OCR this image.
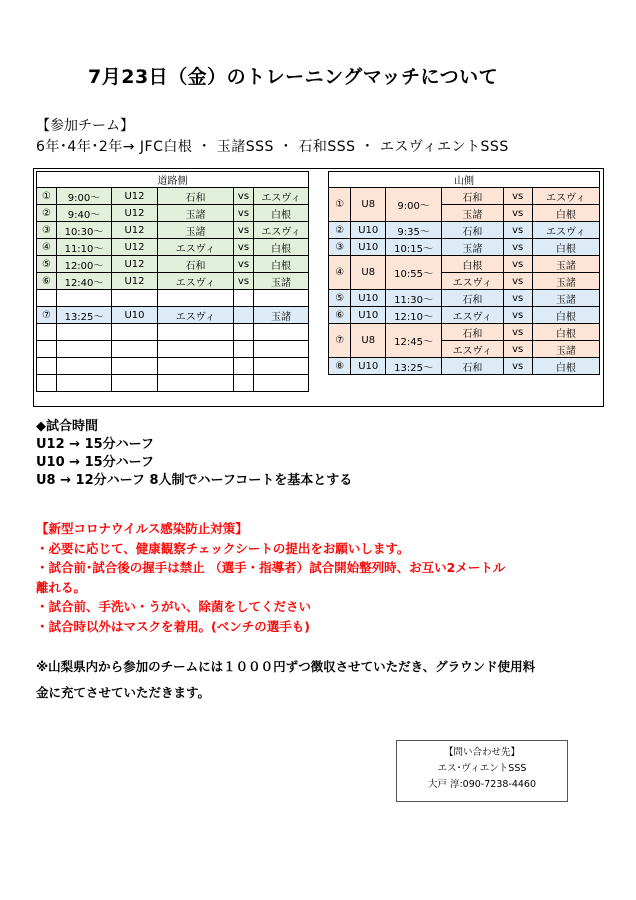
7月23日（金）のトレーニングマッチについて
【参加チーム】
6年･4年･2年→ JFC白根 ・ 玉諸SSS ・ 石和SSS ・ エスヴィエントSSS
道路側					
①	9:00～	U12	石和	vs	エスヴィ
②	9:40～	U12	玉諸	vs	白根
③	10:30～	U12	玉諸	vs	エスヴィ
④	11:10～	U12	エスヴィ	vs	白根
⑤	12:00～	U12	石和	vs	白根
⑥	12:40～	U12	エスヴィ	vs	玉諸

⑦	13:25～	U10	エスヴィ		玉諸

山側					
①	U8	9:00～	石和	vs	エスヴィ
			玉諸	vs	白根
②	U10	9:35～	石和	vs	エスヴィ
③	U10	10:15～	玉諸	vs	白根
④	U8	10:55～	白根	vs	玉諸
			エスヴィ	vs	玉諸
⑤	U10	11:30～	石和	vs	玉諸
⑥	U10	12:10～	エスヴィ	vs	白根
⑦	U8	12:45～	石和	vs	白根
			エスヴィ	vs	玉諸
⑧	U10	13:25～	石和	vs	白根
◆試合時間
U12 → 15分ハーフ
U10 → 15分ハーフ
U8 → 12分ハーフ 8人制でハーフコートを基本とする
【新型コロナウイルス感染防止対策】
・必要に応じて、健康観察チェックシートの提出をお願いします。
・試合前･試合後の握手は禁止 （選手・指導者）試合開始整列時、お互い2メートル
離れる。
・試合前、手洗い・うがい、除菌をしてください
・試合時以外はマスクを着用。(ベンチの選手も)
※山梨県内から参加のチームには１０００円ずつ徴収させていただき、グラウンド使用料金に充てさせていただきます。
【問い合わせ先】
エス･ヴィエントSSS
大戸 淳:090-7238-4460
